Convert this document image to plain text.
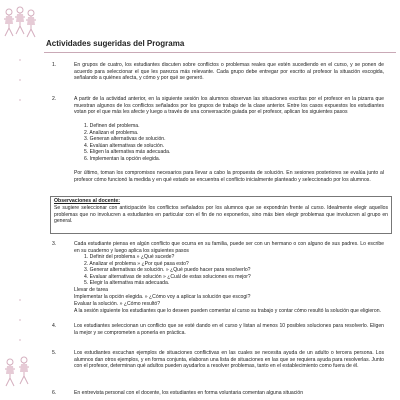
Actividades sugeridas del Programa
1.	En grupos de cuatro, los estudiantes discuten sobre conflictos o problemas reales que estén sucediendo en el curso, y se ponen de acuerdo para seleccionar el que les parezca más relevante. Cada grupo debe entregar por escrito al profesor la situación escogida, señalando a quiénes afecta, y cómo y por qué se generó.
2.	A partir de la actividad anterior, en la siguiente sesión los alumnos observan las situaciones escritas por el profesor en la pizarra que muestran algunos de los conflictos señalados por los grupos de trabajo de la clase anterior. Entre los casos expuestos los estudiantes votan por el que más les afecte y luego a través de una conversación guiada por el profesor, aplican los siguientes pasos
1. Definen del problema.
2. Analizan el problema.
3. Generan alternativas de solución.
4. Evalúan alternativas de solución.
5. Eligen la alternativa más adecuada.
6. Implementan la opción elegida.
Por último, toman los compromisos necesarios para llevar a cabo la propuesta de solución. En sesiones posteriores se evalúa junto al profesor cómo funcionó la medida y en qué estado se encuentra el conflicto inicialmente planteado y seleccionado por los alumnos.
Observaciones al docente:
Se sugiere seleccionar con anticipación los conflictos señalados por los alumnos que se expondrán frente al curso. Idealmente elegir aquellos problemas que no involucren a estudiantes en particular con el fin de no exponerlos, sino más bien elegir problemas que involucren al grupo en general.
3.	Cada estudiante piensa en algún conflicto que ocurra en su familia, puede ser con un hermano o con alguno de sus padres. Lo escribe en su cuaderno y luego aplica los siguientes pasos
1. Definir del problema » ¿Qué sucede?
2. Analizar el problema » ¿Por qué pasa esto?
3. Generar alternativas de solución. » ¿Qué puedo hacer para resolverlo?
4. Evaluar alternativas de solución » ¿Cuál de estas soluciones es mejor?
5. Elegir la alternativa más adecuada.
Llevar de tarea
Implementar la opción elegida. » ¿Cómo voy a aplicar la solución que escogí?
Evaluar la solución. » ¿Cómo resultó?
A la sesión siguiente los estudiantes que lo deseen pueden comentar al curso su trabajo y contar cómo resultó la solución que eligieron.
4.	Los estudiantes seleccionan un conflicto que se esté dando en el curso y listan al menos 10 posibles soluciones para resolverlo. Eligen la mejor y se comprometen a ponerla en práctica.
5.	Los estudiantes escuchan ejemplos de situaciones conflictivas en las cuales se necesita ayuda de un adulto o tercera persona. Los alumnos dan otros ejemplos, y en forma conjunta, elaboran una lista de situaciones en las que se requiera ayuda para resolverlas. Junto con el profesor, determinan qué adultos pueden ayudarlos a resolver problemas, tanto en el establecimiento como fuera de él.
6.	En entrevista personal con el docente, los estudiantes en forma voluntaria comentan alguna situación
